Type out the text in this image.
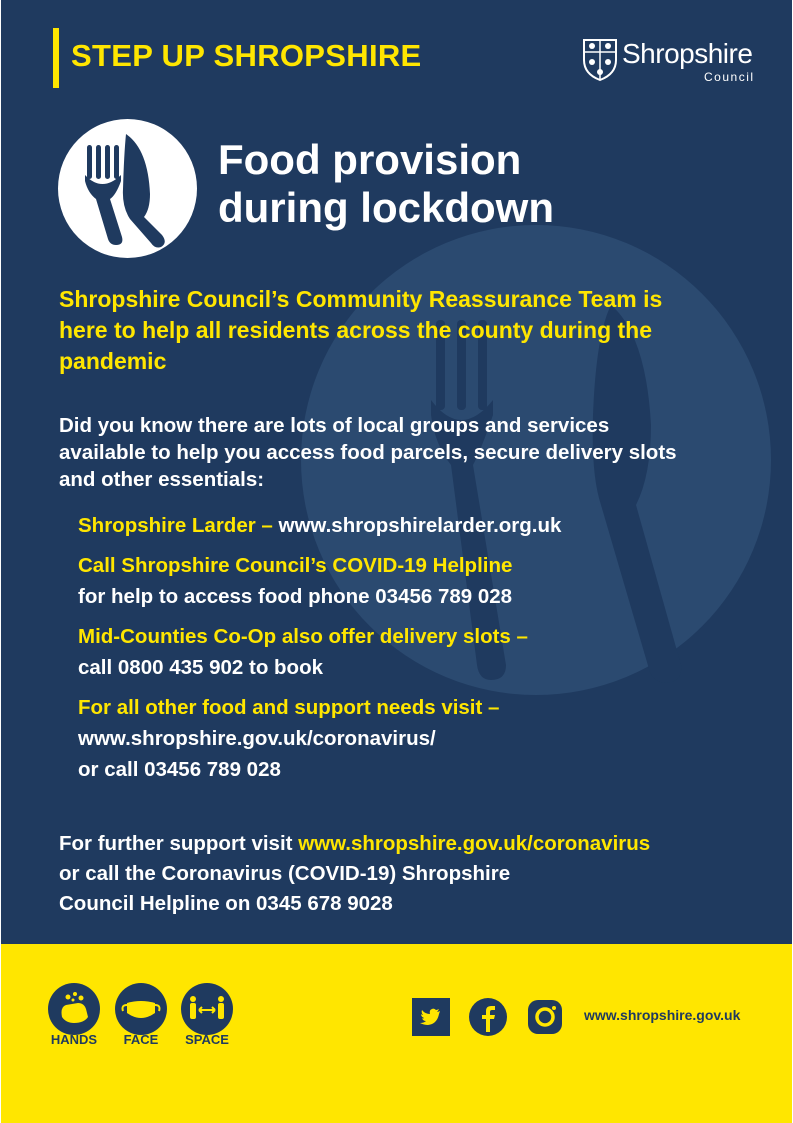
STEP UP SHROPSHIRE	Shropshire
Council
Food provision
during lockdown
Shropshire Council’s Community Reassurance Team is here to help all residents across the county during the pandemic
Did you know there are lots of local groups and services available to help you access food parcels, secure delivery slots and other essentials:
Shropshire Larder – www.shropshirelarder.org.uk
Call Shropshire Council’s COVID-19 Helpline
for help to access food phone 03456 789 028
Mid-Counties Co-Op also offer delivery slots –
call 0800 435 902 to book
For all other food and support needs visit –
www.shropshire.gov.uk/coronavirus/
or call 03456 789 028
For further support visit www.shropshire.gov.uk/coronavirus
or call the Coronavirus (COVID-19) Shropshire
Council Helpline on 0345 678 9028
HANDS	FACE	SPACE
www.shropshire.gov.uk
